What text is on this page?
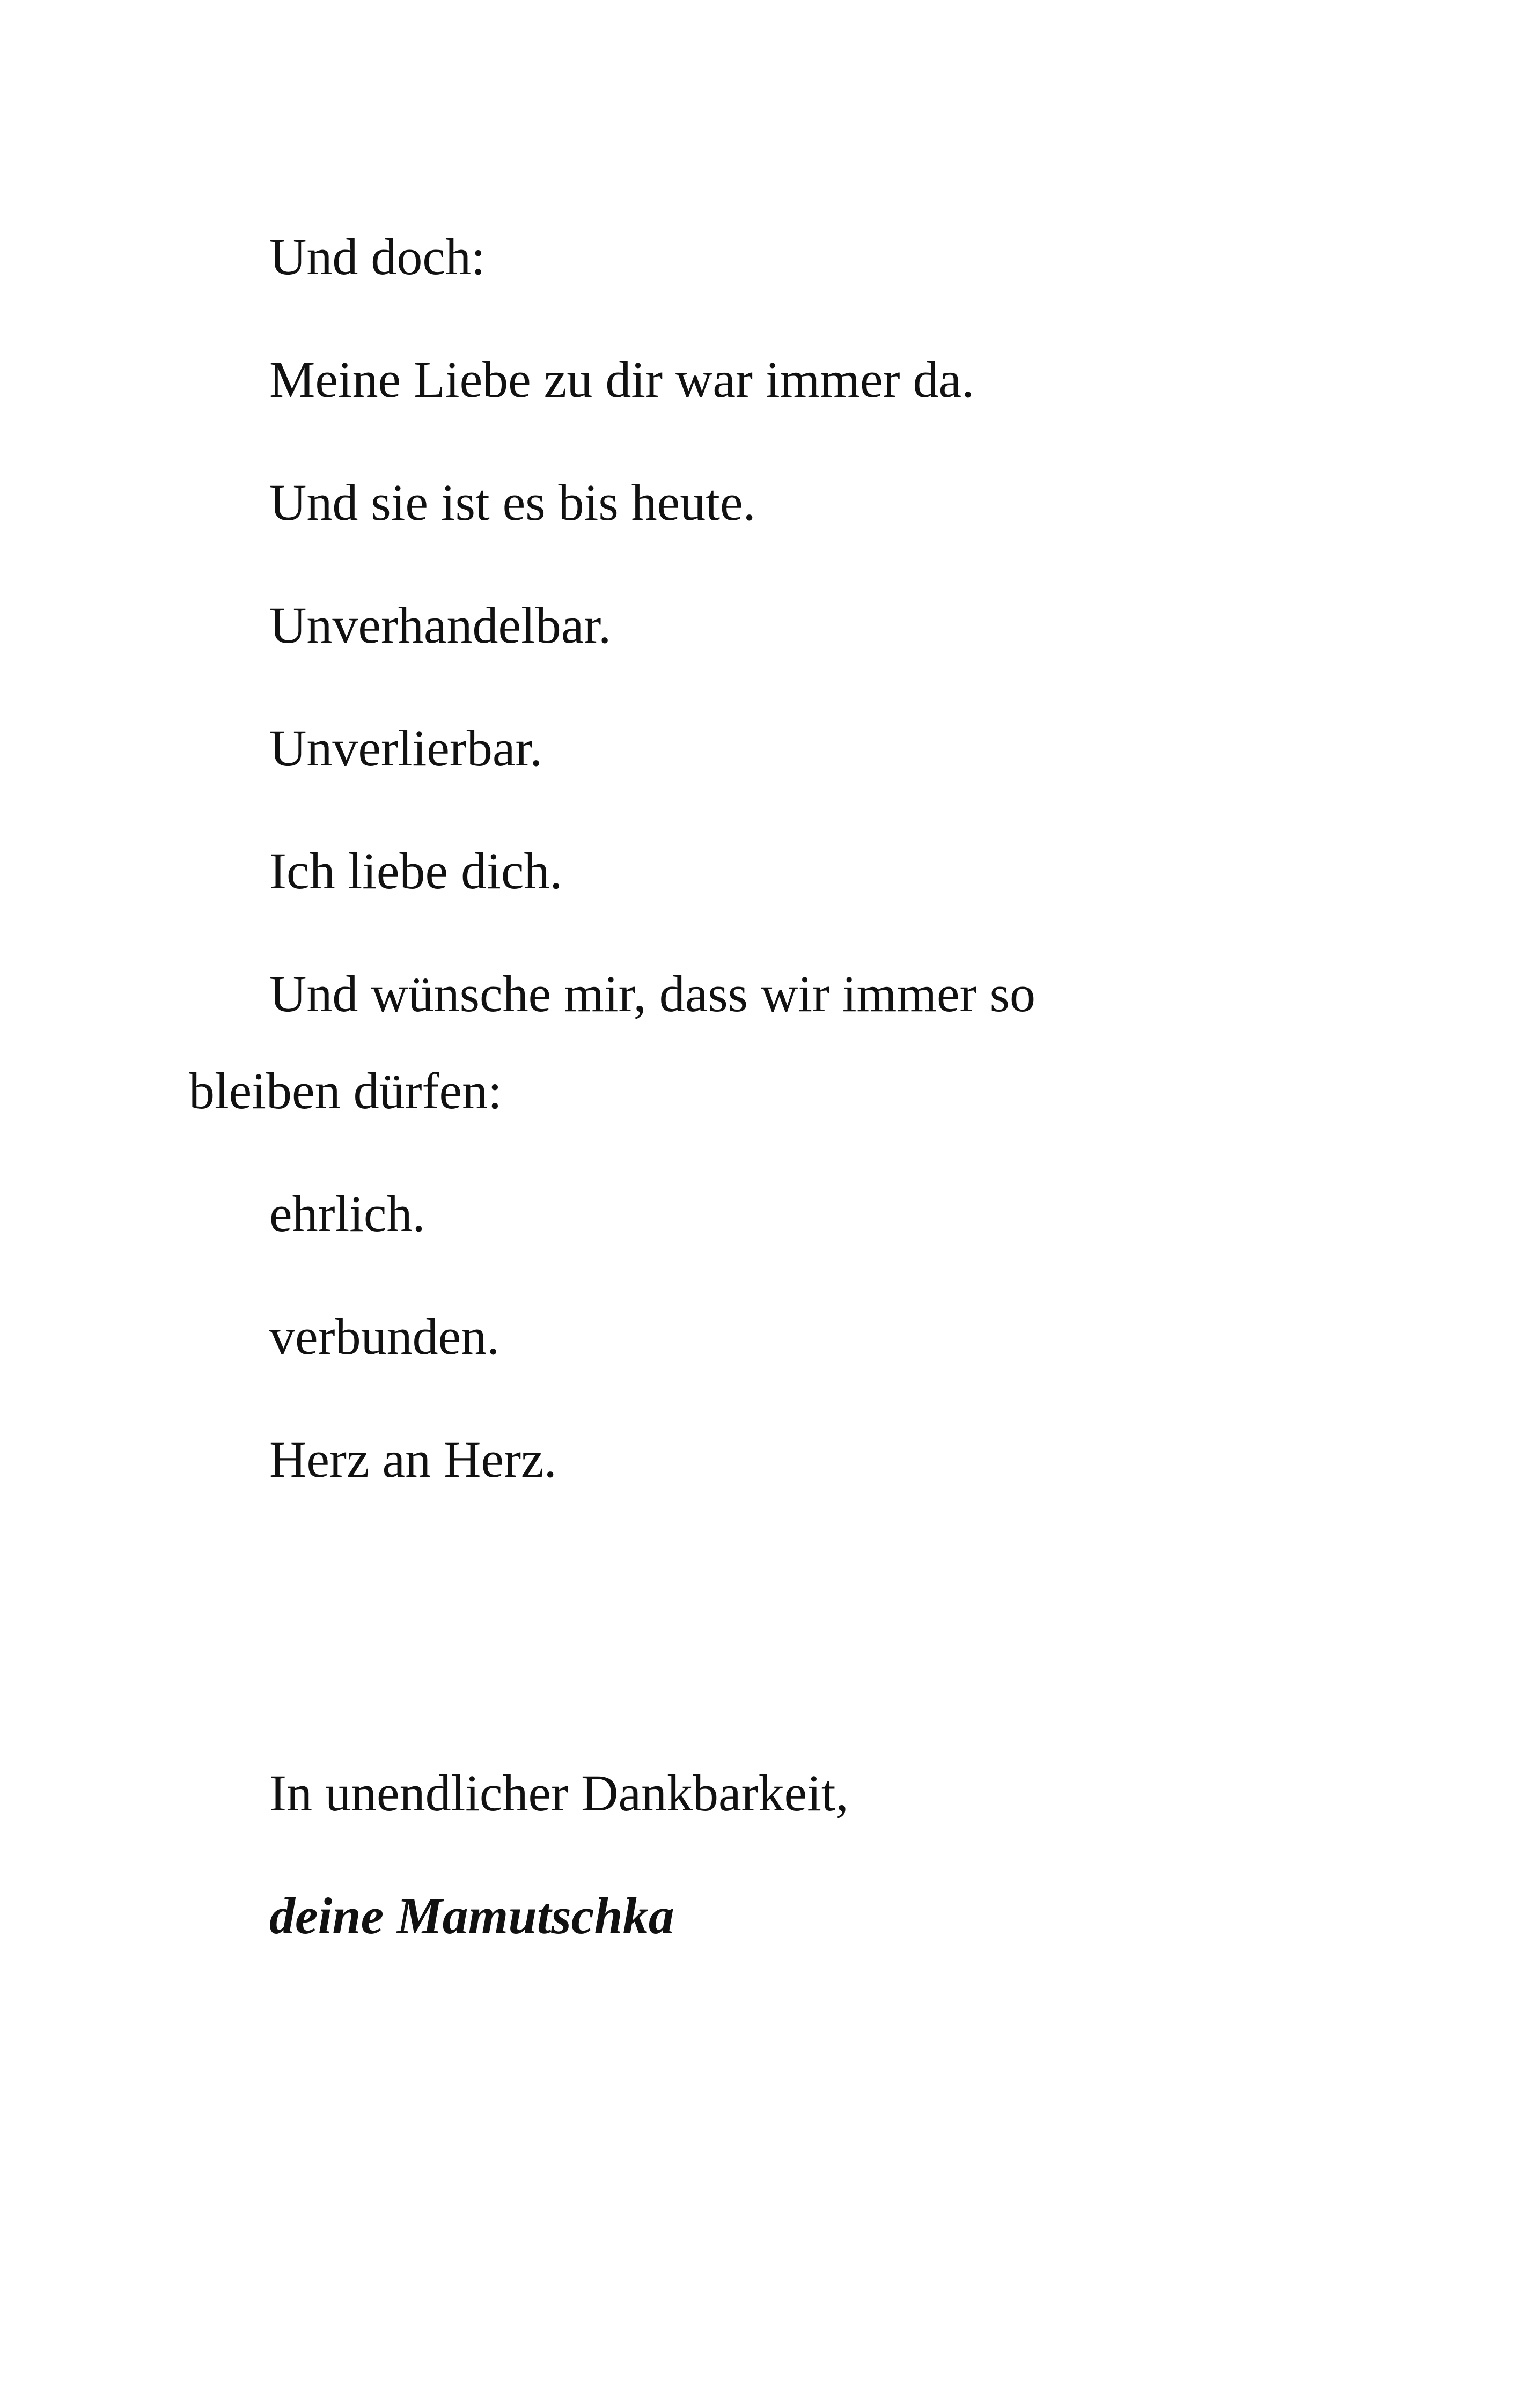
Und doch:

Meine Liebe zu dir war immer da.

Und sie ist es bis heute.

Unverhandelbar.

Unverlierbar.

Ich liebe dich.

Und wünsche mir, dass wir immer so bleiben dürfen:

ehrlich.

verbunden.

Herz an Herz.

In unendlicher Dankbarkeit,

deine Mamutschka
